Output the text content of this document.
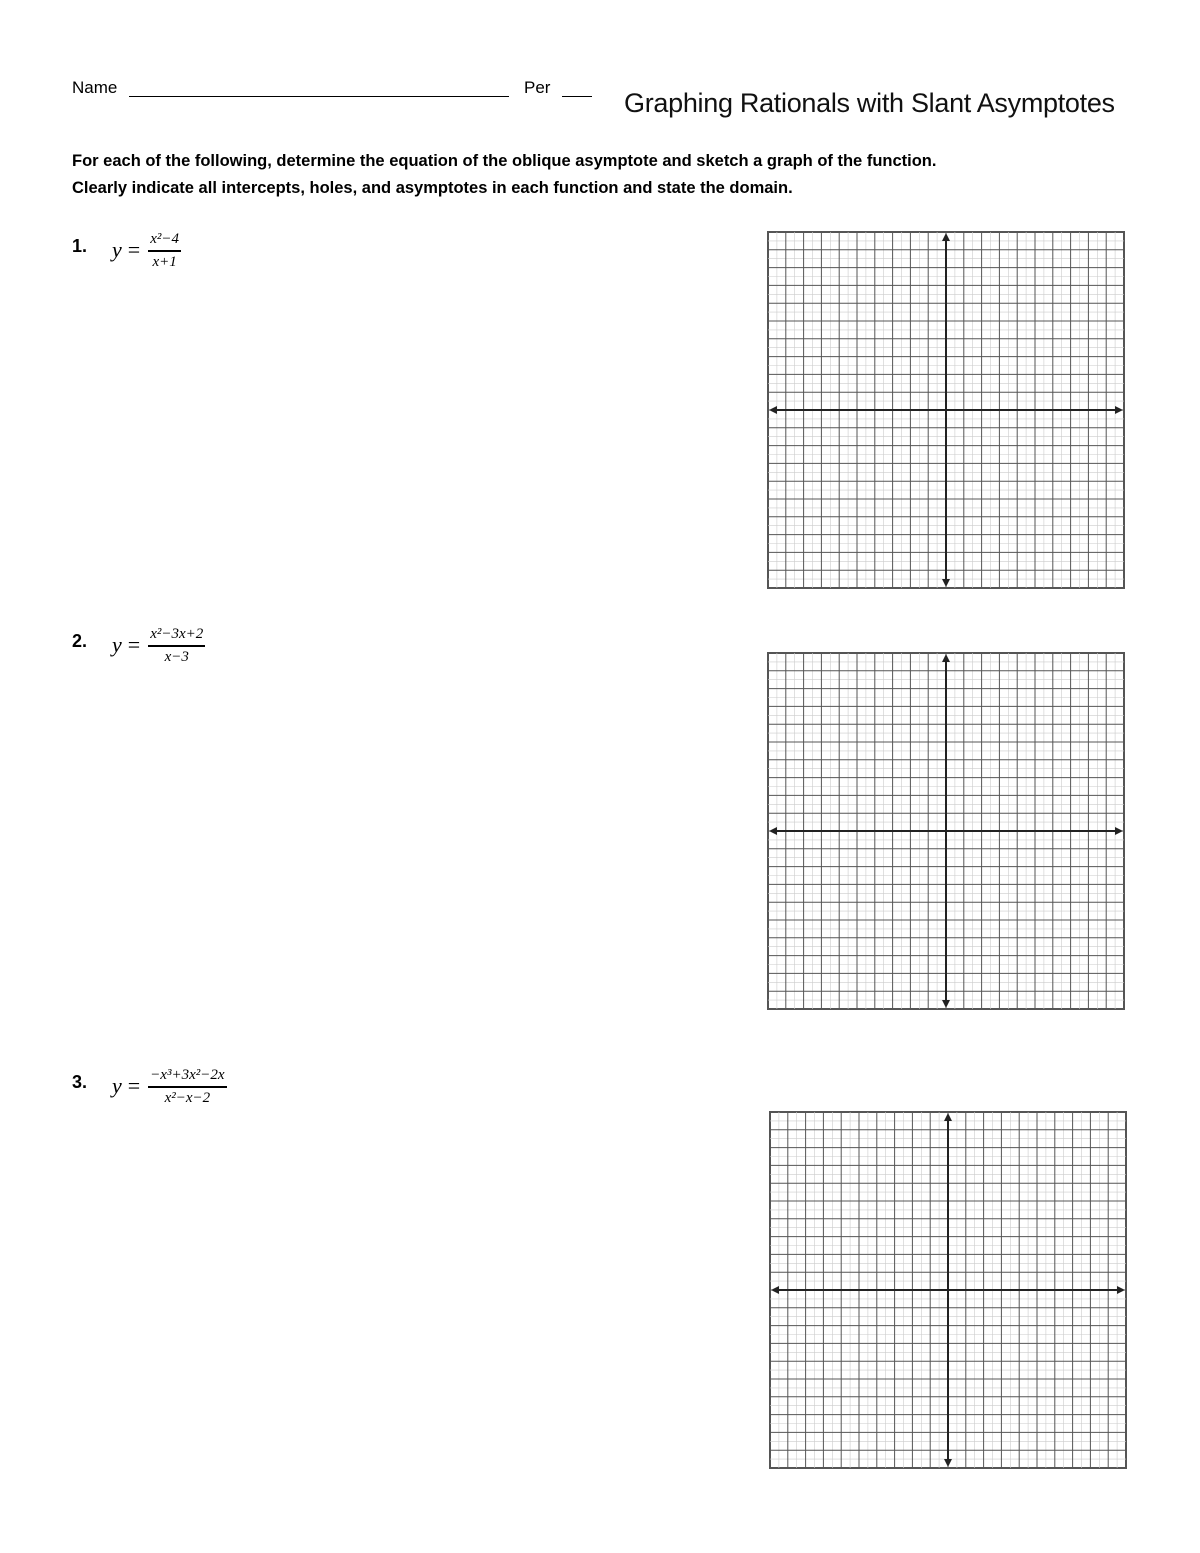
Name	Per
Graphing Rationals with Slant Asymptotes

For each of the following, determine the equation of the oblique asymptote and sketch a graph of the function.

Clearly indicate all intercepts, holes, and asymptotes in each function and state the domain.

1. $y = \frac{\text{x²−4}}{x+1}$
2. $y = \frac{\text{x²−3x+2}}{x-3}$
3. $y = \frac{\text{−x³+3x²−2x}}{\text{x²−x−2}}$
